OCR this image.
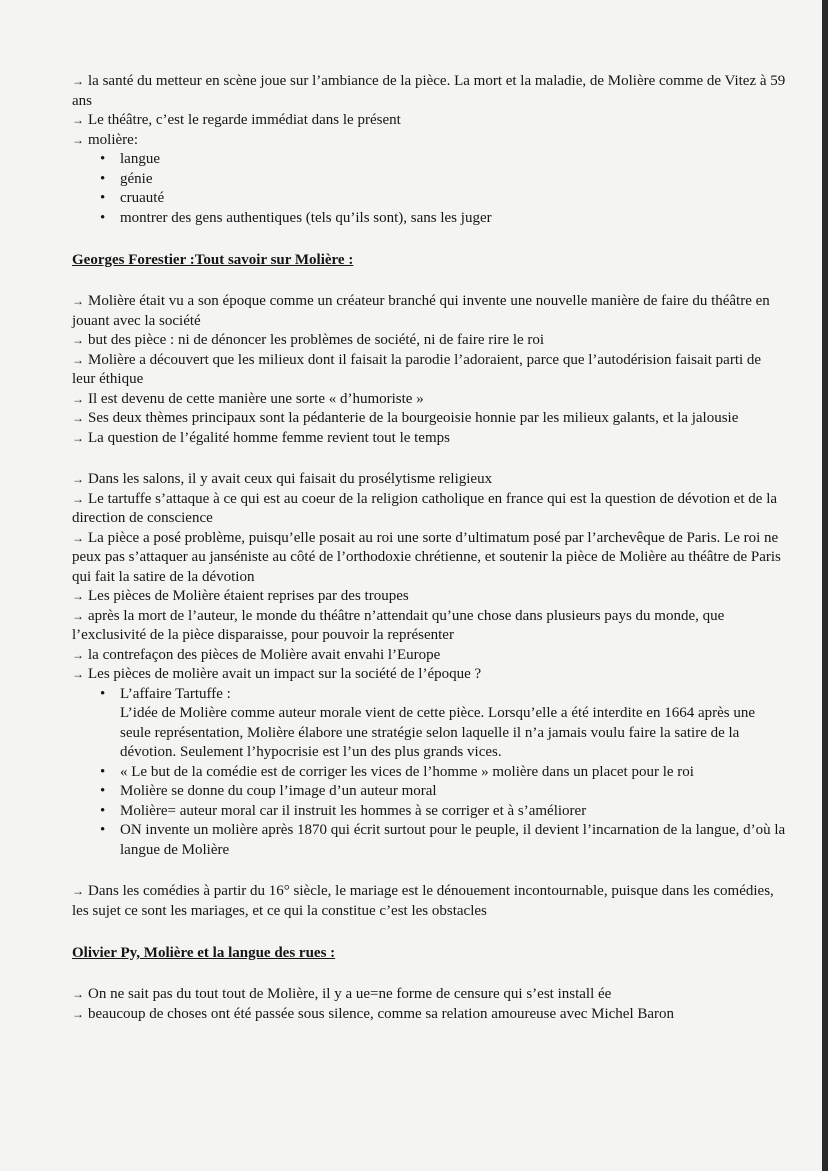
→ la santé du metteur en scène joue sur l’ambiance de la pièce. La mort et la maladie, de Molière comme de Vitez à 59 ans

→ Le théâtre, c’est le regarde immédiat dans le présent

→ molière:

• langue
• génie
• cruauté
• montrer des gens authentiques (tels qu’ils sont), sans les juger
Georges Forestier :Tout savoir sur Molière :

→ Molière était vu a son époque comme un créateur branché qui invente une nouvelle manière de faire du théâtre en jouant avec la société

→ but des pièce : ni de dénoncer les problèmes de société, ni de faire rire le roi

→ Molière a découvert que les milieux dont il faisait la parodie l’adoraient, parce que l’autodérision faisait parti de leur éthique

→ Il est devenu de cette manière une sorte « d’humoriste »

→ Ses deux thèmes principaux sont la pédanterie de la bourgeoisie honnie par les milieux galants, et la jalousie

→ La question de l’égalité homme femme revient tout le temps

→ Dans les salons, il y avait ceux qui faisait du prosélytisme religieux

→ Le tartuffe s’attaque à ce qui est au coeur de la religion catholique en france qui est la question de dévotion et de la direction de conscience

→ La pièce a posé problème, puisqu’elle posait au roi une sorte d’ultimatum posé par l’archevêque de Paris. Le roi ne peux pas s’attaquer au janséniste au côté de l’orthodoxie chrétienne, et soutenir la pièce de Molière au théâtre de Paris qui fait la satire de la dévotion

→ Les pièces de Molière étaient reprises par des troupes

→ après la mort de l’auteur, le monde du théâtre n’attendait qu’une chose dans plusieurs pays du monde, que l’exclusivité de la pièce disparaisse, pour pouvoir la représenter

→ la contrefaçon des pièces de Molière avait envahi l’Europe

→ Les pièces de molière avait un impact sur la société de l’époque ?

• L’affaire Tartuffe :
L’idée de Molière comme auteur morale vient de cette pièce. Lorsqu’elle a été interdite en 1664 après une seule représentation, Molière élabore une stratégie selon laquelle il n’a jamais voulu faire la satire de la dévotion. Seulement l’hypocrisie est l’un des plus grands vices.
• « Le but de la comédie est de corriger les vices de l’homme » molière dans un placet pour le roi
• Molière se donne du coup l’image d’un auteur moral
• Molière= auteur moral car il instruit les hommes à se corriger et à s’améliorer
• ON invente un molière après 1870 qui écrit surtout pour le peuple, il devient l’incarnation de la langue, d’où la langue de Molière

→ Dans les comédies à partir du 16° siècle, le mariage est le dénouement incontournable, puisque dans les comédies, les sujet ce sont les mariages, et ce qui la constitue c’est les obstacles

Olivier Py, Molière et la langue des rues :

→ On ne sait pas du tout tout de Molière, il y a ue=ne forme de censure qui s’est install ée

→ beaucoup de choses ont été passée sous silence, comme sa relation amoureuse avec Michel Baron
